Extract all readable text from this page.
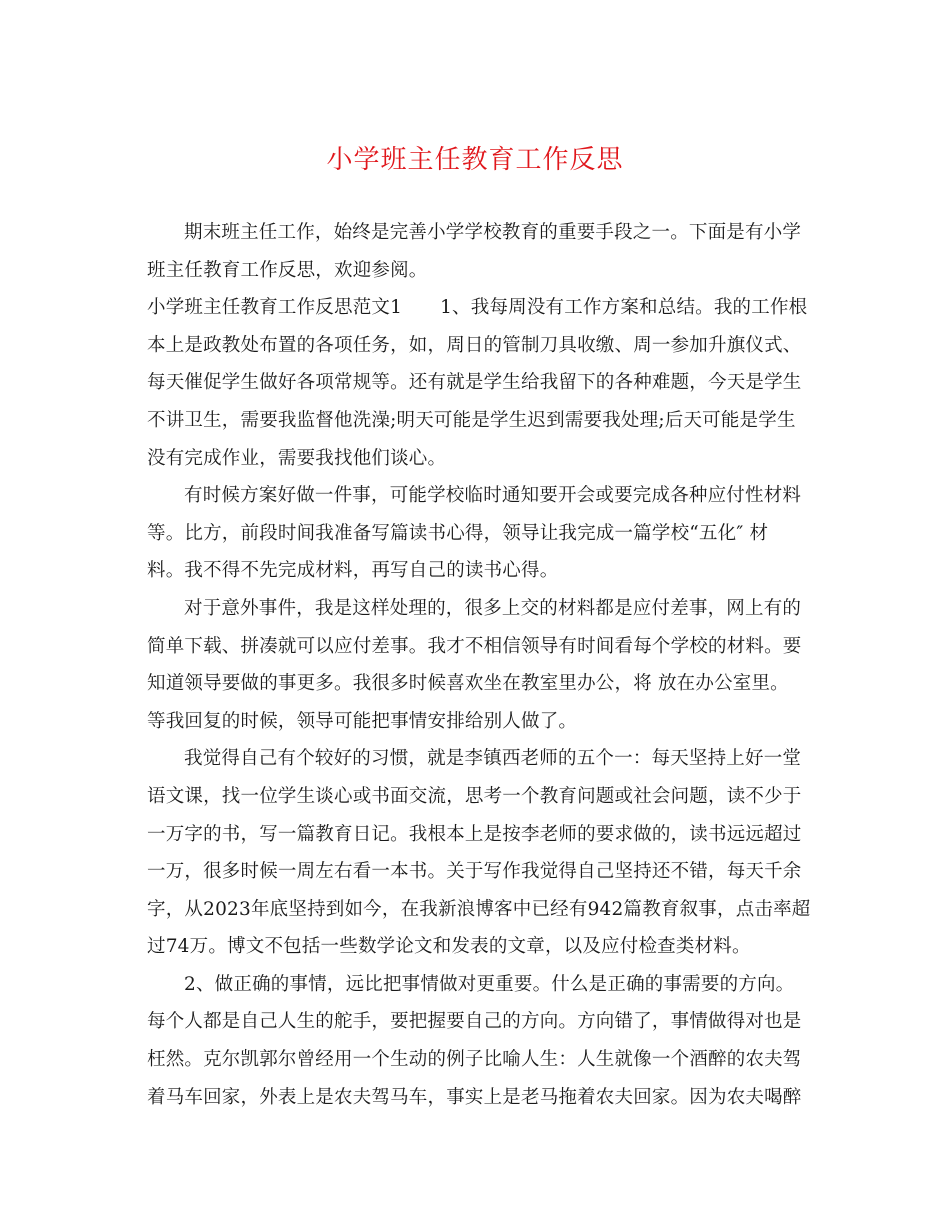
小学班主任教育工作反思
期末班主任工作，始终是完善小学学校教育的重要手段之一。下面是有小学
班主任教育工作反思，欢迎参阅。
小学班主任教育工作反思范文1 1、我每周没有工作方案和总结。我的工作根
本上是政教处布置的各项任务，如，周日的管制刀具收缴、周一参加升旗仪式、
每天催促学生做好各项常规等。还有就是学生给我留下的各种难题，今天是学生
不讲卫生，需要我监督他洗澡;明天可能是学生迟到需要我处理;后天可能是学生
没有完成作业，需要我找他们谈心。
有时候方案好做一件事，可能学校临时通知要开会或要完成各种应付性材料
等。比方，前段时间我准备写篇读书心得，领导让我完成一篇学校“五化″ 材
料。我不得不先完成材料，再写自己的读书心得。
对于意外事件，我是这样处理的，很多上交的材料都是应付差事，网上有的
简单下载、拼凑就可以应付差事。我才不相信领导有时间看每个学校的材料。要
知道领导要做的事更多。我很多时候喜欢坐在教室里办公，将 放在办公室里。
等我回复的时候，领导可能把事情安排给别人做了。
我觉得自己有个较好的习惯，就是李镇西老师的五个一：每天坚持上好一堂
语文课，找一位学生谈心或书面交流，思考一个教育问题或社会问题，读不少于
一万字的书，写一篇教育日记。我根本上是按李老师的要求做的，读书远远超过
一万，很多时候一周左右看一本书。关于写作我觉得自己坚持还不错，每天千余
字，从2023年底坚持到如今，在我新浪博客中已经有942篇教育叙事，点击率超
过74万。博文不包括一些数学论文和发表的文章，以及应付检查类材料。
2、做正确的事情，远比把事情做对更重要。什么是正确的事需要的方向。
每个人都是自己人生的舵手，要把握要自己的方向。方向错了，事情做得对也是
枉然。克尔凯郭尔曾经用一个生动的例子比喻人生：人生就像一个酒醉的农夫驾
着马车回家，外表上是农夫驾马车，事实上是老马拖着农夫回家。因为农夫喝醉
